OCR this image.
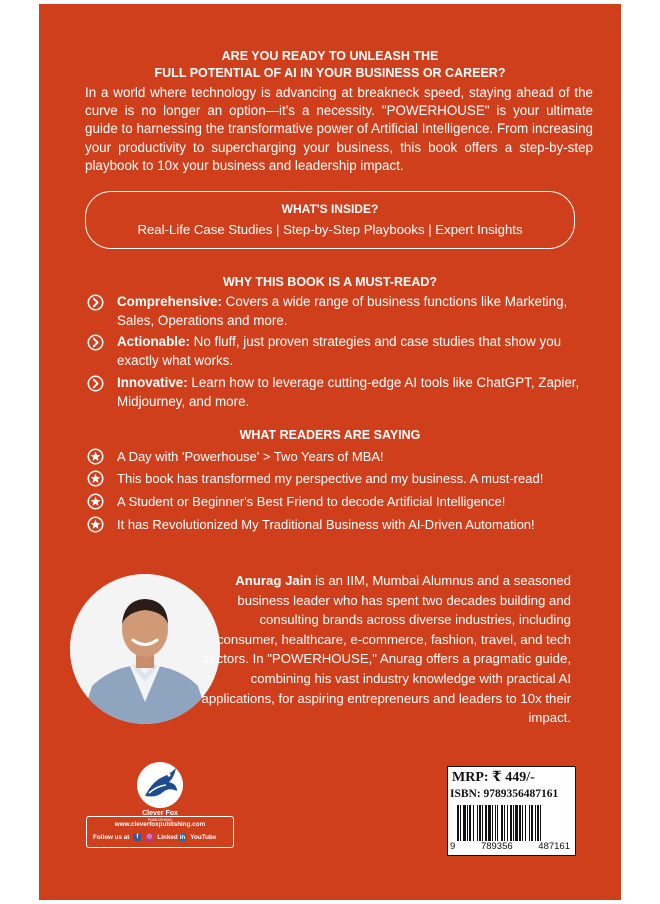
ARE YOU READY TO UNLEASH THE
FULL POTENTIAL OF AI IN YOUR BUSINESS OR CAREER?
In a world where technology is advancing at breakneck speed, staying ahead of the curve is no longer an option—it's a necessity. "POWERHOUSE" is your ultimate guide to harnessing the transformative power of Artificial Intelligence. From increasing your productivity to supercharging your business, this book offers a step-by-step playbook to 10x your business and leadership impact.
WHAT'S INSIDE?
Real-Life Case Studies | Step-by-Step Playbooks | Expert Insights
WHY THIS BOOK IS A MUST-READ?
Comprehensive: Covers a wide range of business functions like Marketing, Sales, Operations and more.
Actionable: No fluff, just proven strategies and case studies that show you exactly what works.
Innovative: Learn how to leverage cutting-edge AI tools like ChatGPT, Zapier, Midjourney, and more.
WHAT READERS ARE SAYING
A Day with 'Powerhouse' > Two Years of MBA!
This book has transformed my perspective and my business. A must-read!
A Student or Beginner's Best Friend to decode Artificial Intelligence!
It has Revolutionized My Traditional Business with AI-Driven Automation!
Anurag Jain is an IIM, Mumbai Alumnus and a seasoned business leader who has spent two decades building and consulting brands across diverse industries, including consumer, healthcare, e-commerce, fashion, travel, and tech sectors. In "POWERHOUSE," Anurag offers a pragmatic guide, combining his vast industry knowledge with practical AI applications, for aspiring entrepreneurs and leaders to 10x their impact.
Clever Fox
PUBLISHING
www.cleverfoxpublishing.com
Follow us at	f	◎ Linked in YouTube
MRP: ₹ 449/-
ISBN: 9789356487161
9	789356	487161
